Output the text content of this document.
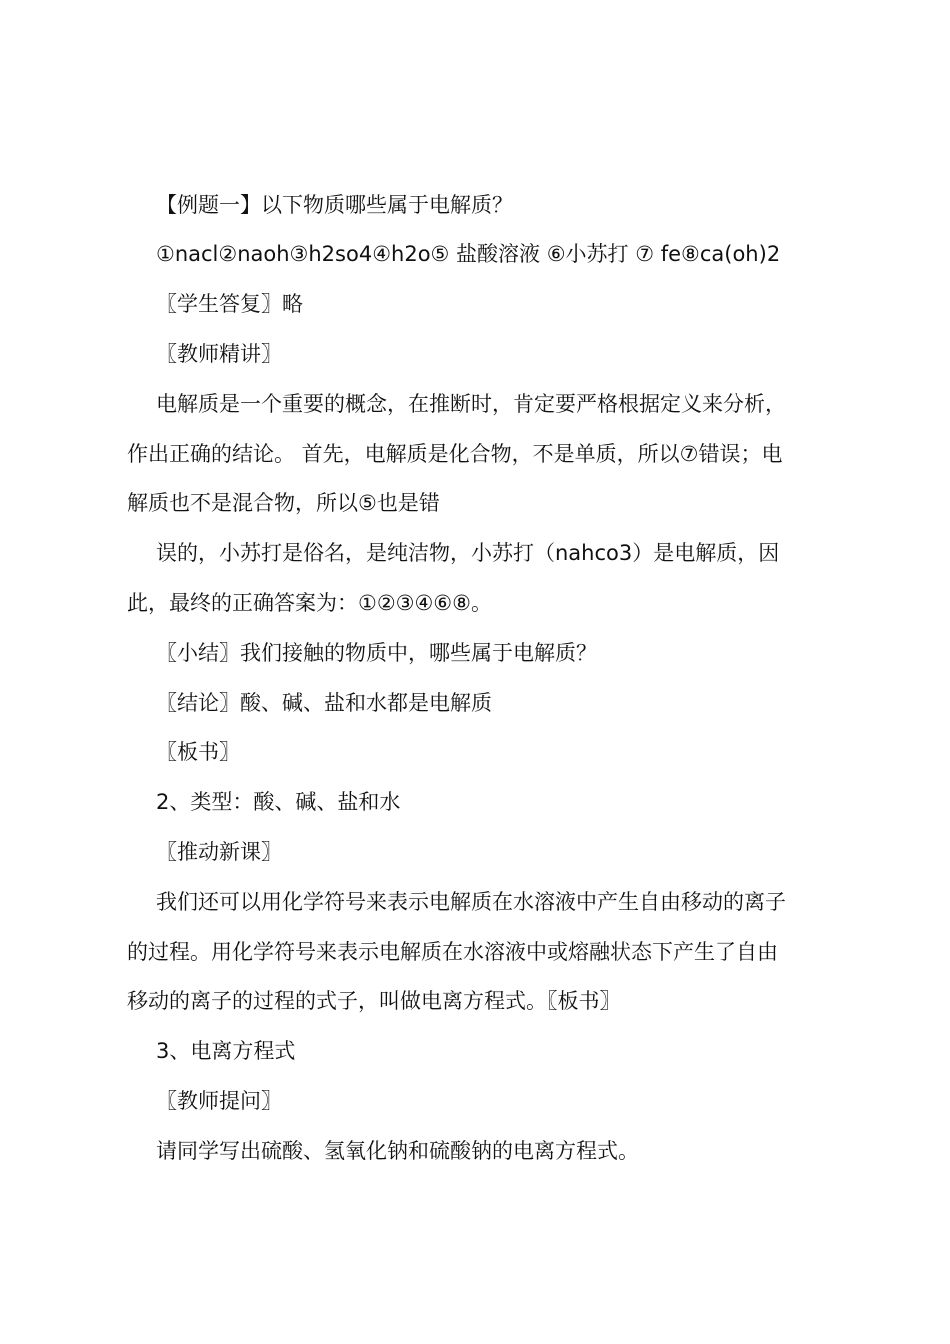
【例题一】以下物质哪些属于电解质？

①nacl②naoh③h2so4④h2o⑤ 盐酸溶液 ⑥小苏打 ⑦ fe⑧ca(oh)2

〖学生答复〗略

〖教师精讲〗

电解质是一个重要的概念，在推断时，肯定要严格根据定义来分析，

作出正确的结论。 首先，电解质是化合物，不是单质，所以⑦错误；电

解质也不是混合物，所以⑤也是错

误的，小苏打是俗名，是纯洁物，小苏打（nahco3）是电解质，因

此，最终的正确答案为：①②③④⑥⑧。

〖小结〗我们接触的物质中，哪些属于电解质？

〖结论〗酸、碱、盐和水都是电解质

〖板书〗

2、类型：酸、碱、盐和水

〖推动新课〗

我们还可以用化学符号来表示电解质在水溶液中产生自由移动的离子

的过程。用化学符号来表示电解质在水溶液中或熔融状态下产生了自由

移动的离子的过程的式子，叫做电离方程式。〖板书〗

3、电离方程式

〖教师提问〗

请同学写出硫酸、氢氧化钠和硫酸钠的电离方程式。
